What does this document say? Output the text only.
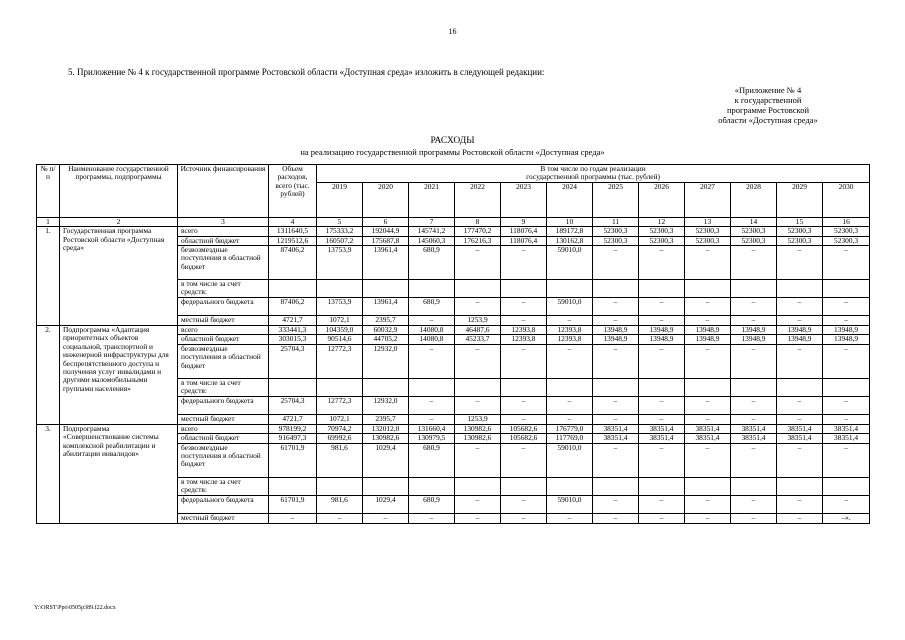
16
5. Приложение № 4 к государственной программе Ростовской области «Доступная среда» изложить в следующей редакции:
«Приложение № 4
к государственной
программе Ростовской
области «Доступная среда»
РАСХОДЫ
на реализацию государственной программы Ростовской области «Доступная среда»
№ п/п	Наименование государственной программы, подпрограммы	Источник финансирования	Объем расходов, всего (тыс. рублей)	В том числе по годам реализации государственной программы (тыс. рублей)											
				2019	2020	2021	2022	2023	2024	2025	2026	2027	2028	2029	2030
1	2	3	4	5	6	7	8	9	10	11	12	13	14	15	16
1.	Государственная программа Ростовской области «Доступная среда»	всего	1311640,5	175333,2	192044,9	145741,2	177470,2	118076,4	189172,8	52300,3	52300,3	52300,3	52300,3	52300,3	52300,3
		областной бюджет	1219512,6	160507,2	175687,8	145060,3	176216,3	118076,4	130162,8	52300,3	52300,3	52300,3	52300,3	52300,3	52300,3
		безвозмездные поступления в областной бюджет	87406,2	13753,9	13961,4	680,9	–	–	59010,0	–	–	–	–	–	–
		в том числе за счет средств:													
		федерального бюджета	87406,2	13753,9	13961,4	680,9	–	–	59010,0	–	–	–	–	–	–
		местный бюджет	4721,7	1072,1	2395,7	–	1253,9	–	–	–	–	–	–	–	–
2.	Подпрограмма «Адаптация приоритетных объектов социальной, транспортной и инженерной инфраструктуры для беспрепятственного доступа и получения услуг инвалидами и другими маломобильными группами населения»	всего	333441,3	104359,0	60032,9	14080,8	46487,6	12393,8	12393,8	13948,9	13948,9	13948,9	13948,9	13948,9	13948,9
		областной бюджет	303015,3	90514,6	44705,2	14080,8	45233,7	12393,8	12393,8	13948,9	13948,9	13948,9	13948,9	13948,9	13948,9
		безвозмездные поступления в областной бюджет	25704,3	12772,3	12932,0	–	–	–	–	–	–	–	–	–	–
		в том числе за счет средств:													
		федерального бюджета	25704,3	12772,3	12932,0	–	–	–	–	–	–	–	–	–	–
		местный бюджет	4721,7	1072,1	2395,7	–	1253,9	–	–	–	–	–	–	–	–
3.	Подпрограмма «Совершенствование системы комплексной реабилитации и абилитации инвалидов»	всего	978199,2	70974,2	132012,0	131660,4	130982,6	105682,6	176779,0	38351,4	38351,4	38351,4	38351,4	38351,4	38351,4
		областной бюджет	916497,3	69992,6	130982,6	130979,5	130982,6	105682,6	117769,0	38351,4	38351,4	38351,4	38351,4	38351,4	38351,4
		безвозмездные поступления в областной бюджет	61701,9	981,6	1029,4	680,9	–	–	59010,0	–	–	–	–	–	–
		в том числе за счет средств:													
		федерального бюджета	61701,9	981,6	1029,4	680,9	–	–	59010,0	–	–	–	–	–	–
		местный бюджет	–	–	–	–	–	–	–	–	–	–	–	–	–».
Y:\ORST\Ppo\0505p389.f22.docx
